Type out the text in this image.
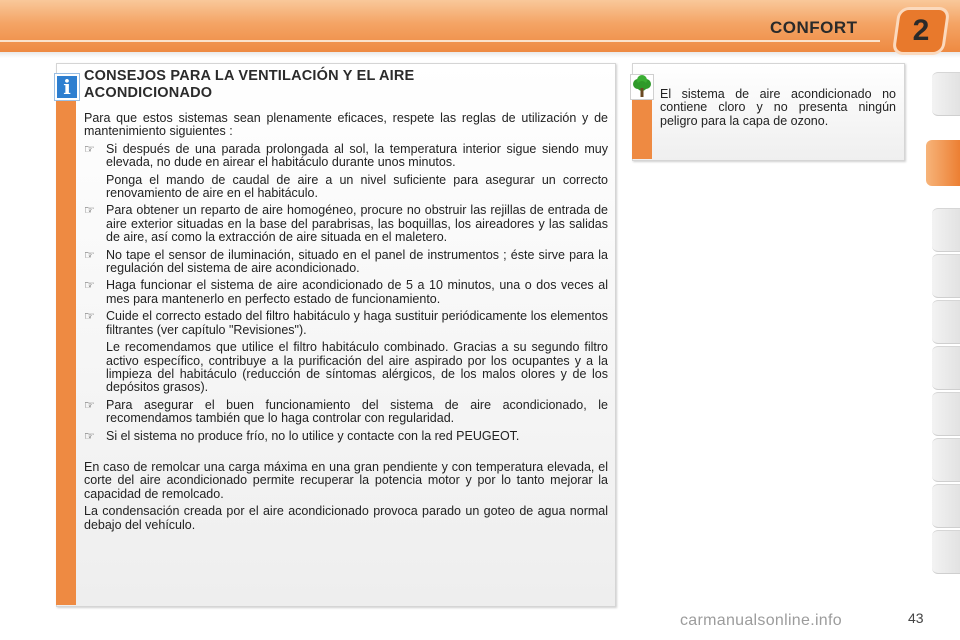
CONFORT	2
i CONSEJOS PARA LA VENTILACIÓN Y EL AIRE ACONDICIONADO

Para que estos sistemas sean plenamente eficaces, respete las reglas de utilización y de mantenimiento siguientes :

☞ Si después de una parada prolongada al sol, la temperatura interior sigue siendo muy elevada, no dude en airear el habitáculo durante unos minutos.
Ponga el mando de caudal de aire a un nivel suficiente para asegurar un correcto renovamiento de aire en el habitáculo.
☞ Para obtener un reparto de aire homogéneo, procure no obstruir las rejillas de entrada de aire exterior situadas en la base del parabrisas, las boquillas, los aireadores y las salidas de aire, así como la extracción de aire situada en el maletero.
☞ No tape el sensor de iluminación, situado en el panel de instrumentos ; éste sirve para la regulación del sistema de aire acondicionado.
☞ Haga funcionar el sistema de aire acondicionado de 5 a 10 minutos, una o dos veces al mes para mantenerlo en perfecto estado de funcionamiento.
☞ Cuide el correcto estado del filtro habitáculo y haga sustituir periódicamente los elementos filtrantes (ver capítulo "Revisiones").
Le recomendamos que utilice el filtro habitáculo combinado. Gracias a su segundo filtro activo específico, contribuye a la purificación del aire aspirado por los ocupantes y a la limpieza del habitáculo (reducción de síntomas alérgicos, de los malos olores y de los depósitos grasos).
☞ Para asegurar el buen funcionamiento del sistema de aire acondicionado, le recomendamos también que lo haga controlar con regularidad.
☞ Si el sistema no produce frío, no lo utilice y contacte con la red PEUGEOT.

En caso de remolcar una carga máxima en una gran pendiente y con temperatura elevada, el corte del aire acondicionado permite recuperar la potencia motor y por lo tanto mejorar la capacidad de remolcado.

La condensación creada por el aire acondicionado provoca parado un goteo de agua normal debajo del vehículo.

El sistema de aire acondicionado no contiene cloro y no presenta ningún peligro para la capa de ozono.
carmanualsonline.info	43
